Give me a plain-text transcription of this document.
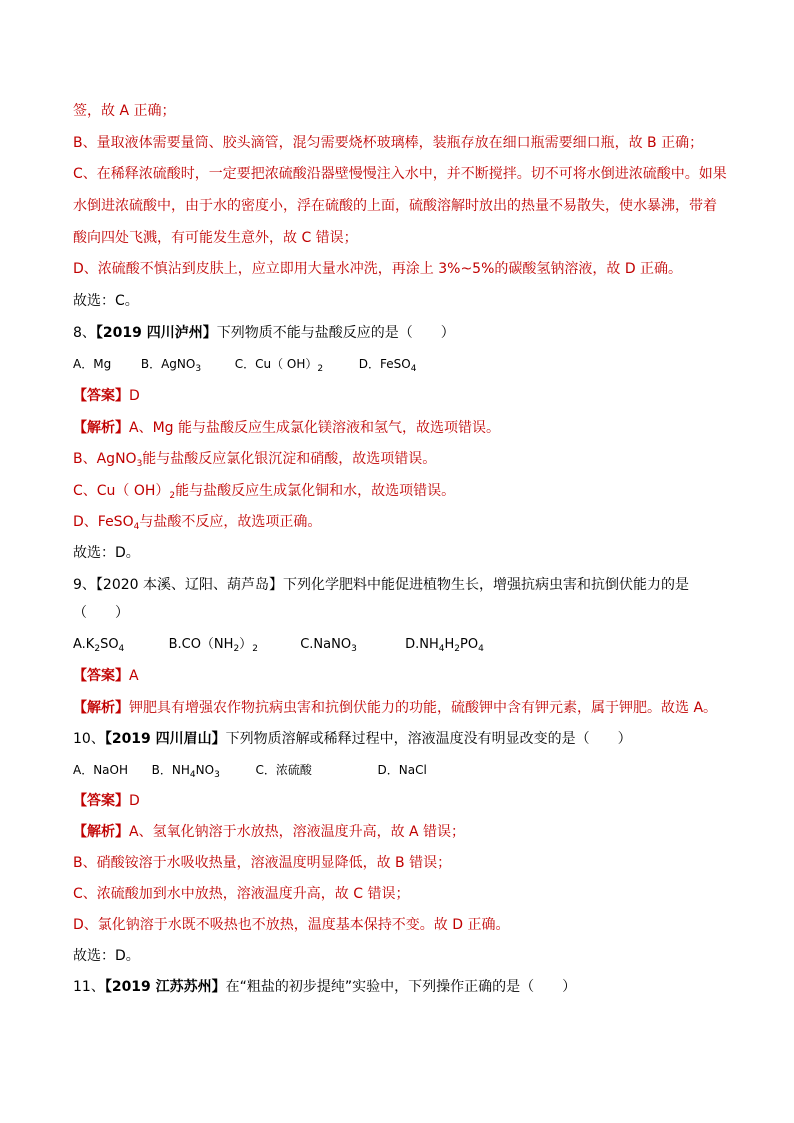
签，故 A 正确；
B、量取液体需要量筒、胶头滴管，混匀需要烧杯玻璃棒，装瓶存放在细口瓶需要细口瓶，故 B 正确；
C、在稀释浓硫酸时，一定要把浓硫酸沿器壁慢慢注入水中，并不断搅拌。切不可将水倒进浓硫酸中。如果
水倒进浓硫酸中，由于水的密度小，浮在硫酸的上面，硫酸溶解时放出的热量不易散失，使水暴沸，带着
酸向四处飞溅，有可能发生意外，故 C 错误；
D、浓硫酸不慎沾到皮肤上，应立即用大量水冲洗，再涂上 3%~5%的碳酸氢钠溶液，故 D 正确。
故选：C。
8、【2019 四川泸州】下列物质不能与盐酸反应的是（　　）
A．Mg B．AgNO$_3$	C．Cu（ $OH)_2$	D．FeSO$_4$
【答案】D
【解析】A、Mg 能与盐酸反应生成氯化镁溶液和氢气，故选项错误。
B、AgNO$_3$能与盐酸反应氯化银沉淀和硝酸，故选项错误。
C、Cu（ $OH)_2$能与盐酸反应生成氯化铜和水，故选项错误。
D、FeSO$_4$与盐酸不反应，故选项正确。
故选：D。
9、【2020 本溪、辽阳、葫芦岛】下列化学肥料中能促进植物生长，增强抗病虫害和抗倒伏能力的是
（　　）
$A.K_2SO_4$	$B.CO(NH_2)_2$	C.NaNO$_3$	$D.NH_4H_2PO_4$
【答案】A
【解析】钾肥具有增强农作物抗病虫害和抗倒伏能力的功能，硫酸钾中含有钾元素，属于钾肥。故选 A。
10、【2019 四川眉山】下列物质溶解或稀释过程中，溶液温度没有明显改变的是（　　）
A．NaOH B．$NH_4NO_3$	C．浓硫酸	D．NaCl
【答案】D
【解析】A、氢氧化钠溶于水放热，溶液温度升高，故 A 错误；
B、硝酸铵溶于水吸收热量，溶液温度明显降低，故 B 错误；
C、浓硫酸加到水中放热，溶液温度升高，故 C 错误；
D、氯化钠溶于水既不吸热也不放热，温度基本保持不变。故 D 正确。
故选：D。
11、【2019 江苏苏州】在“粗盐的初步提纯”实验中，下列操作正确的是（　　）
